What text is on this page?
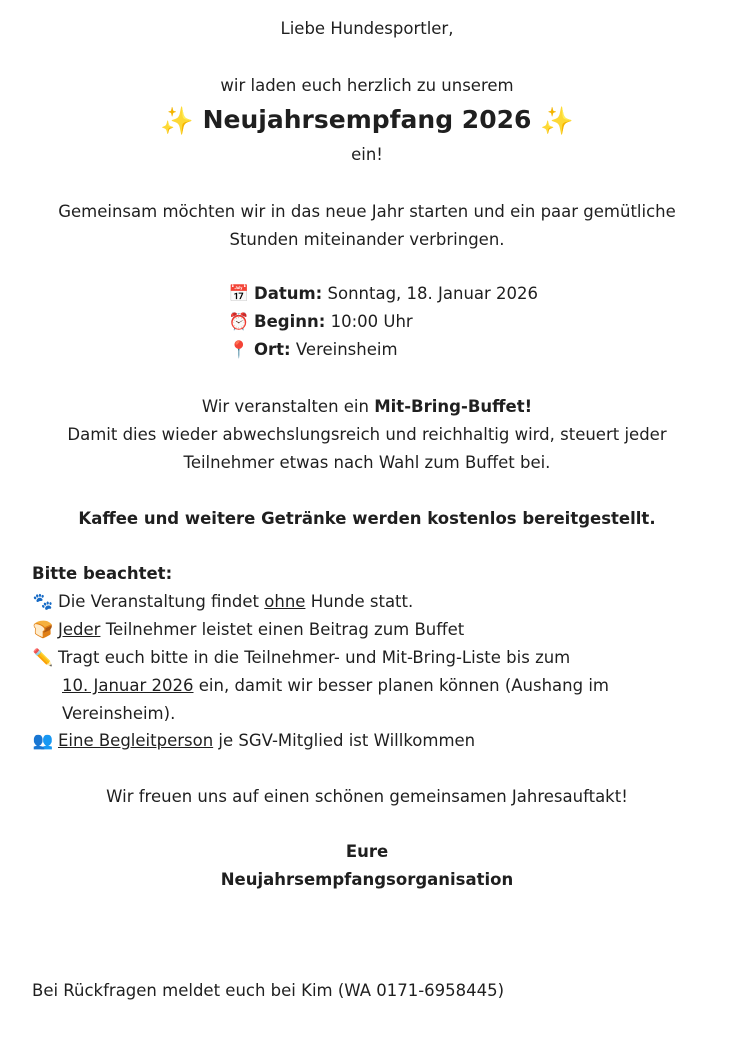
Liebe Hundesportler,
wir laden euch herzlich zu unserem
✨ Neujahrsempfang 2026 ✨
ein!
Gemeinsam möchten wir in das neue Jahr starten und ein paar gemütliche
Stunden miteinander verbringen.
📅 Datum: Sonntag, 18. Januar 2026
⏰ Beginn: 10:00 Uhr
📍 Ort: Vereinsheim
Wir veranstalten ein Mit-Bring-Buffet!
Damit dies wieder abwechslungsreich und reichhaltig wird, steuert jeder
Teilnehmer etwas nach Wahl zum Buffet bei.
Kaffee und weitere Getränke werden kostenlos bereitgestellt.
Bitte beachtet:
🐾 Die Veranstaltung findet ohne Hunde statt.
🍞 Jeder Teilnehmer leistet einen Beitrag zum Buffet
✏️ Tragt euch bitte in die Teilnehmer- und Mit-Bring-Liste bis zum
10. Januar 2026 ein, damit wir besser planen können (Aushang im
Vereinsheim).
👥 Eine Begleitperson je SGV-Mitglied ist Willkommen
Wir freuen uns auf einen schönen gemeinsamen Jahresauftakt!
Eure
Neujahrsempfangsorganisation
Bei Rückfragen meldet euch bei Kim (WA 0171-6958445)
